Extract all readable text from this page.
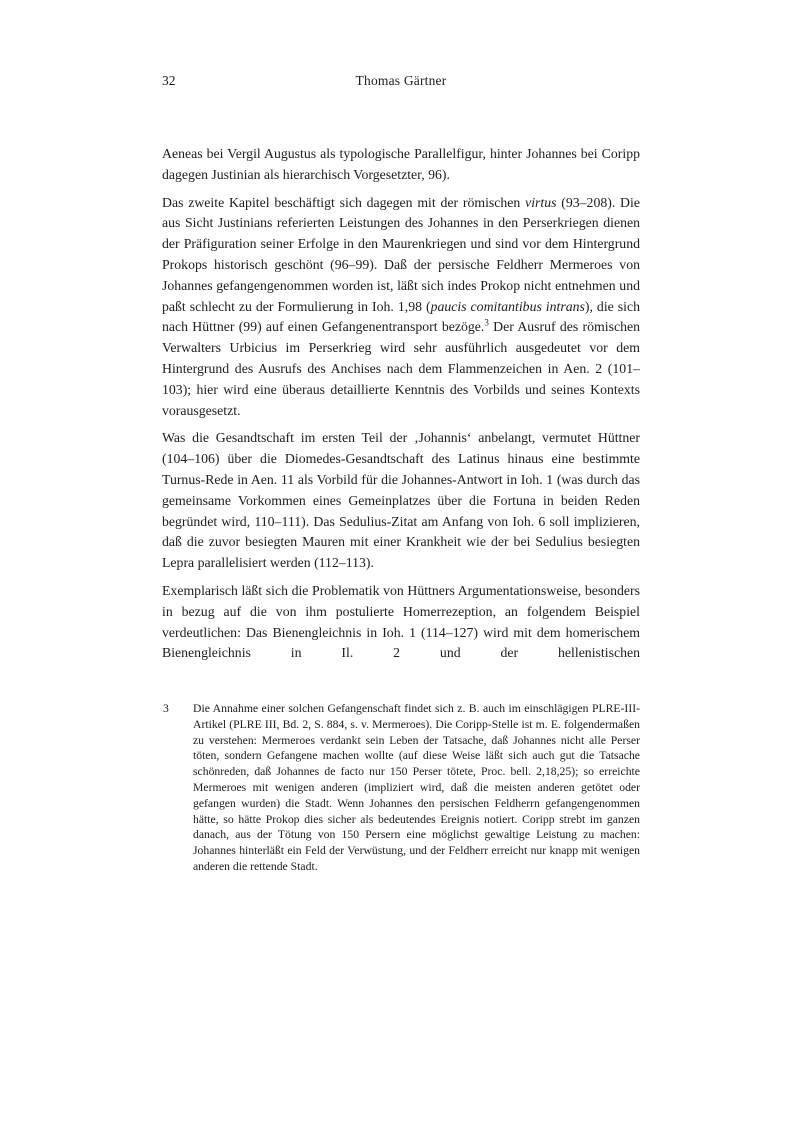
32	Thomas Gärtner

Aeneas bei Vergil Augustus als typologische Parallelfigur, hinter Johannes bei Coripp dagegen Justinian als hierarchisch Vorgesetzter, 96).

Das zweite Kapitel beschäftigt sich dagegen mit der römischen virtus (93–208). Die aus Sicht Justinians referierten Leistungen des Johannes in den Perserkriegen dienen der Präfiguration seiner Erfolge in den Maurenkriegen und sind vor dem Hintergrund Prokops historisch geschönt (96–99). Daß der persische Feldherr Mermeroes von Johannes gefangengenommen worden ist, läßt sich indes Prokop nicht entnehmen und paßt schlecht zu der Formulierung in Ioh. 1,98 (paucis comitantibus intrans), die sich nach Hüttner (99) auf einen Gefangenentransport bezöge.$^3$ Der Ausruf des römischen Verwalters Urbicius im Perserkrieg wird sehr ausführlich ausgedeutet vor dem Hintergrund des Ausrufs des Anchises nach dem Flammenzeichen in Aen. 2 (101–103); hier wird eine überaus detaillierte Kenntnis des Vorbilds und seines Kontexts vorausgesetzt.

Was die Gesandtschaft im ersten Teil der ‚Johannis‘ anbelangt, vermutet Hüttner (104–106) über die Diomedes-Gesandtschaft des Latinus hinaus eine bestimmte Turnus-Rede in Aen. 11 als Vorbild für die Johannes-Antwort in Ioh. 1 (was durch das gemeinsame Vorkommen eines Gemeinplatzes über die Fortuna in beiden Reden begründet wird, 110–111). Das Sedulius-Zitat am Anfang von Ioh. 6 soll implizieren, daß die zuvor besiegten Mauren mit einer Krankheit wie der bei Sedulius besiegten Lepra parallelisiert werden (112–113).

Exemplarisch läßt sich die Problematik von Hüttners Argumentationsweise, besonders in bezug auf die von ihm postulierte Homerrezeption, an folgendem Beispiel verdeutlichen: Das Bienengleichnis in Ioh. 1 (114–127) wird mit dem homerischem Bienengleichnis in Il. 2 und der hellenistischen

3 Die Annahme einer solchen Gefangenschaft findet sich z. B. auch im einschlägigen PLRE-III-Artikel (PLRE III, Bd. 2, S. 884, s. v. Mermeroes). Die Coripp-Stelle ist m. E. folgendermaßen zu verstehen: Mermeroes verdankt sein Leben der Tatsache, daß Johannes nicht alle Perser töten, sondern Gefangene machen wollte (auf diese Weise läßt sich auch gut die Tatsache schönreden, daß Johannes de facto nur 150 Perser tötete, Proc. bell. 2,18,25); so erreichte Mermeroes mit wenigen anderen (impliziert wird, daß die meisten anderen getötet oder gefangen wurden) die Stadt. Wenn Johannes den persischen Feldherrn gefangengenommen hätte, so hätte Prokop dies sicher als bedeutendes Ereignis notiert. Coripp strebt im ganzen danach, aus der Tötung von 150 Persern eine möglichst gewaltige Leistung zu machen: Johannes hinterläßt ein Feld der Verwüstung, und der Feldherr erreicht nur knapp mit wenigen anderen die rettende Stadt.
